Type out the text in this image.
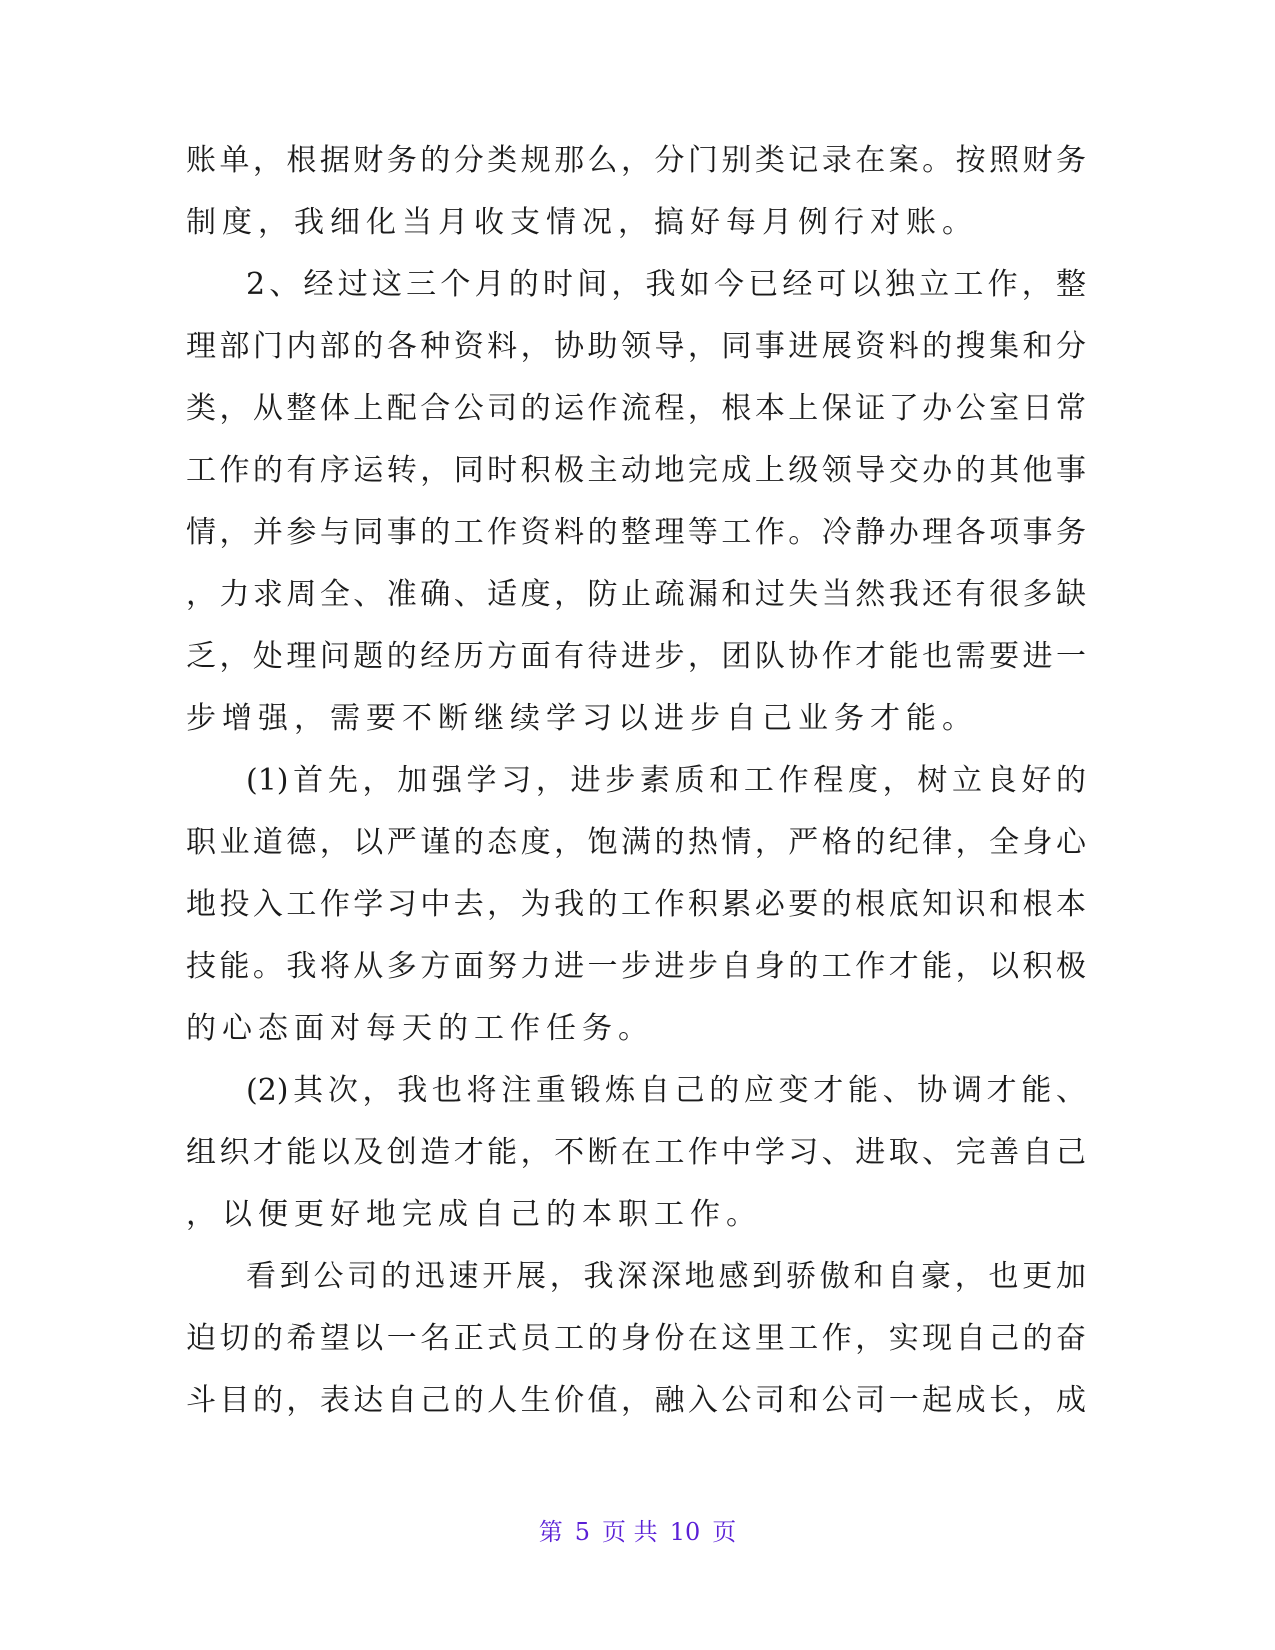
账单，根据财务的分类规那么，分门别类记录在案。按照财务
制度，我细化当月收支情况，搞好每月例行对账。
2、经过这三个月的时间，我如今已经可以独立工作，整
理部门内部的各种资料，协助领导，同事进展资料的搜集和分
类，从整体上配合公司的运作流程，根本上保证了办公室日常
工作的有序运转，同时积极主动地完成上级领导交办的其他事
情，并参与同事的工作资料的整理等工作。冷静办理各项事务
，力求周全、准确、适度，防止疏漏和过失当然我还有很多缺
乏，处理问题的经历方面有待进步，团队协作才能也需要进一
步增强，需要不断继续学习以进步自己业务才能。
(1)首先，加强学习，进步素质和工作程度，树立良好的
职业道德，以严谨的态度，饱满的热情，严格的纪律，全身心
地投入工作学习中去，为我的工作积累必要的根底知识和根本
技能。我将从多方面努力进一步进步自身的工作才能，以积极
的心态面对每天的工作任务。
(2)其次，我也将注重锻炼自己的应变才能、协调才能、
组织才能以及创造才能，不断在工作中学习、进取、完善自己
，以便更好地完成自己的本职工作。
看到公司的迅速开展，我深深地感到骄傲和自豪，也更加
迫切的希望以一名正式员工的身份在这里工作，实现自己的奋
斗目的，表达自己的人生价值，融入公司和公司一起成长，成
第 5 页 共 10 页
